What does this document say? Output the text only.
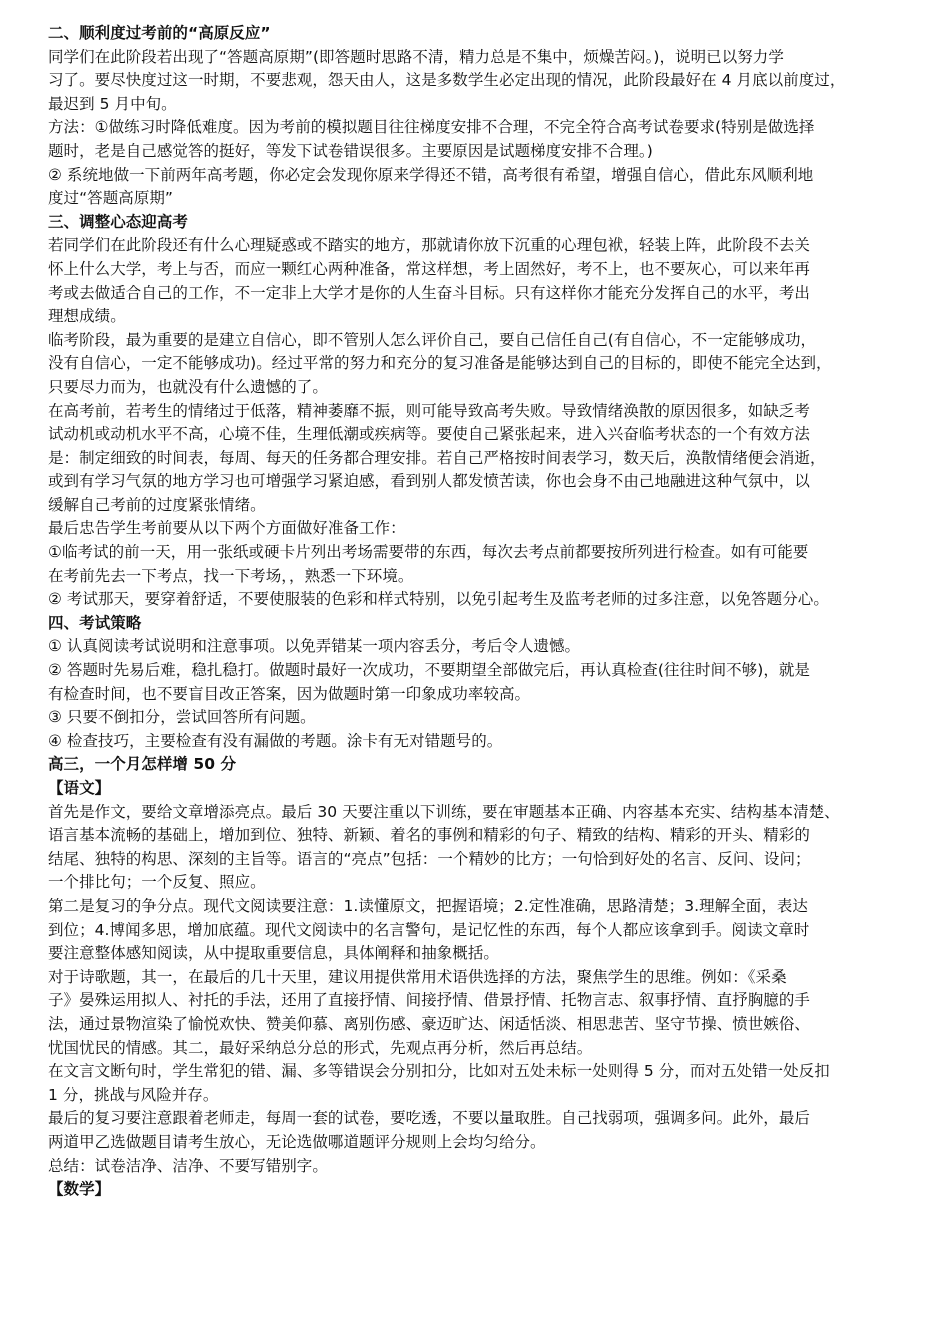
二、顺利度过考前的“高原反应”
同学们在此阶段若出现了“答题高原期”(即答题时思路不清，精力总是不集中，烦燥苦闷。)，说明已以努力学
习了。要尽快度过这一时期，不要悲观，怨天由人，这是多数学生必定出现的情况，此阶段最好在 4 月底以前度过，
最迟到 5 月中旬。
方法：①做练习时降低难度。因为考前的模拟题目往往梯度安排不合理，不完全符合高考试卷要求(特别是做选择
题时，老是自己感觉答的挺好，等发下试卷错误很多。主要原因是试题梯度安排不合理。)
② 系统地做一下前两年高考题，你必定会发现你原来学得还不错，高考很有希望，增强自信心，借此东风顺利地
度过“答题高原期”
三、调整心态迎高考
若同学们在此阶段还有什么心理疑惑或不踏实的地方，那就请你放下沉重的心理包袱，轻装上阵，此阶段不去关
怀上什么大学，考上与否，而应一颗红心两种准备，常这样想，考上固然好，考不上，也不要灰心，可以来年再
考或去做适合自己的工作，不一定非上大学才是你的人生奋斗目标。只有这样你才能充分发挥自己的水平，考出
理想成绩。
临考阶段，最为重要的是建立自信心，即不管别人怎么评价自己，要自己信任自己(有自信心，不一定能够成功，
没有自信心，一定不能够成功)。经过平常的努力和充分的复习准备是能够达到自己的目标的，即使不能完全达到，
只要尽力而为，也就没有什么遗憾的了。
在高考前，若考生的情绪过于低落，精神萎靡不振，则可能导致高考失败。导致情绪涣散的原因很多，如缺乏考
试动机或动机水平不高，心境不佳，生理低潮或疾病等。要使自己紧张起来，进入兴奋临考状态的一个有效方法
是：制定细致的时间表，每周、每天的任务都合理安排。若自己严格按时间表学习，数天后，涣散情绪便会消逝，
或到有学习气氛的地方学习也可增强学习紧迫感，看到别人都发愤苦读，你也会身不由己地融进这种气氛中，以
缓解自己考前的过度紧张情绪。
最后忠告学生考前要从以下两个方面做好准备工作：
①临考试的前一天，用一张纸或硬卡片列出考场需要带的东西，每次去考点前都要按所列进行检查。如有可能要
在考前先去一下考点，找一下考场，，熟悉一下环境。
② 考试那天，要穿着舒适，不要使服装的色彩和样式特别，以免引起考生及监考老师的过多注意，以免答题分心。
四、考试策略
① 认真阅读考试说明和注意事项。以免弄错某一项内容丢分，考后令人遗憾。
② 答题时先易后难，稳扎稳打。做题时最好一次成功，不要期望全部做完后，再认真检查(往往时间不够)，就是
有检查时间，也不要盲目改正答案，因为做题时第一印象成功率较高。
③ 只要不倒扣分，尝试回答所有问题。
④ 检查技巧，主要检查有没有漏做的考题。涂卡有无对错题号的。
高三，一个月怎样增 50 分
【语文】
首先是作文，要给文章增添亮点。最后 30 天要注重以下训练，要在审题基本正确、内容基本充实、结构基本清楚、
语言基本流畅的基础上，增加到位、独特、新颖、着名的事例和精彩的句子、精致的结构、精彩的开头、精彩的
结尾、独特的构思、深刻的主旨等。语言的“亮点”包括：一个精妙的比方；一句恰到好处的名言、反问、设问；
一个排比句；一个反复、照应。
第二是复习的争分点。现代文阅读要注意：1.读懂原文，把握语境；2.定性准确，思路清楚；3.理解全面，表达
到位；4.博闻多思，增加底蕴。现代文阅读中的名言警句，是记忆性的东西，每个人都应该拿到手。阅读文章时
要注意整体感知阅读，从中提取重要信息，具体阐释和抽象概括。
对于诗歌题，其一，在最后的几十天里，建议用提供常用术语供选择的方法，聚焦学生的思维。例如：《采桑
子》晏殊运用拟人、衬托的手法，还用了直接抒情、间接抒情、借景抒情、托物言志、叙事抒情、直抒胸臆的手
法，通过景物渲染了愉悦欢快、赞美仰慕、离别伤感、豪迈旷达、闲适恬淡、相思悲苦、坚守节操、愤世嫉俗、
忧国忧民的情感。其二，最好采纳总分总的形式，先观点再分析，然后再总结。
在文言文断句时，学生常犯的错、漏、多等错误会分别扣分，比如对五处未标一处则得 5 分，而对五处错一处反扣
1 分，挑战与风险并存。
最后的复习要注意跟着老师走，每周一套的试卷，要吃透，不要以量取胜。自己找弱项，强调多问。此外，最后
两道甲乙选做题目请考生放心，无论选做哪道题评分规则上会均匀给分。
总结：试卷洁净、洁净、不要写错别字。
【数学】
